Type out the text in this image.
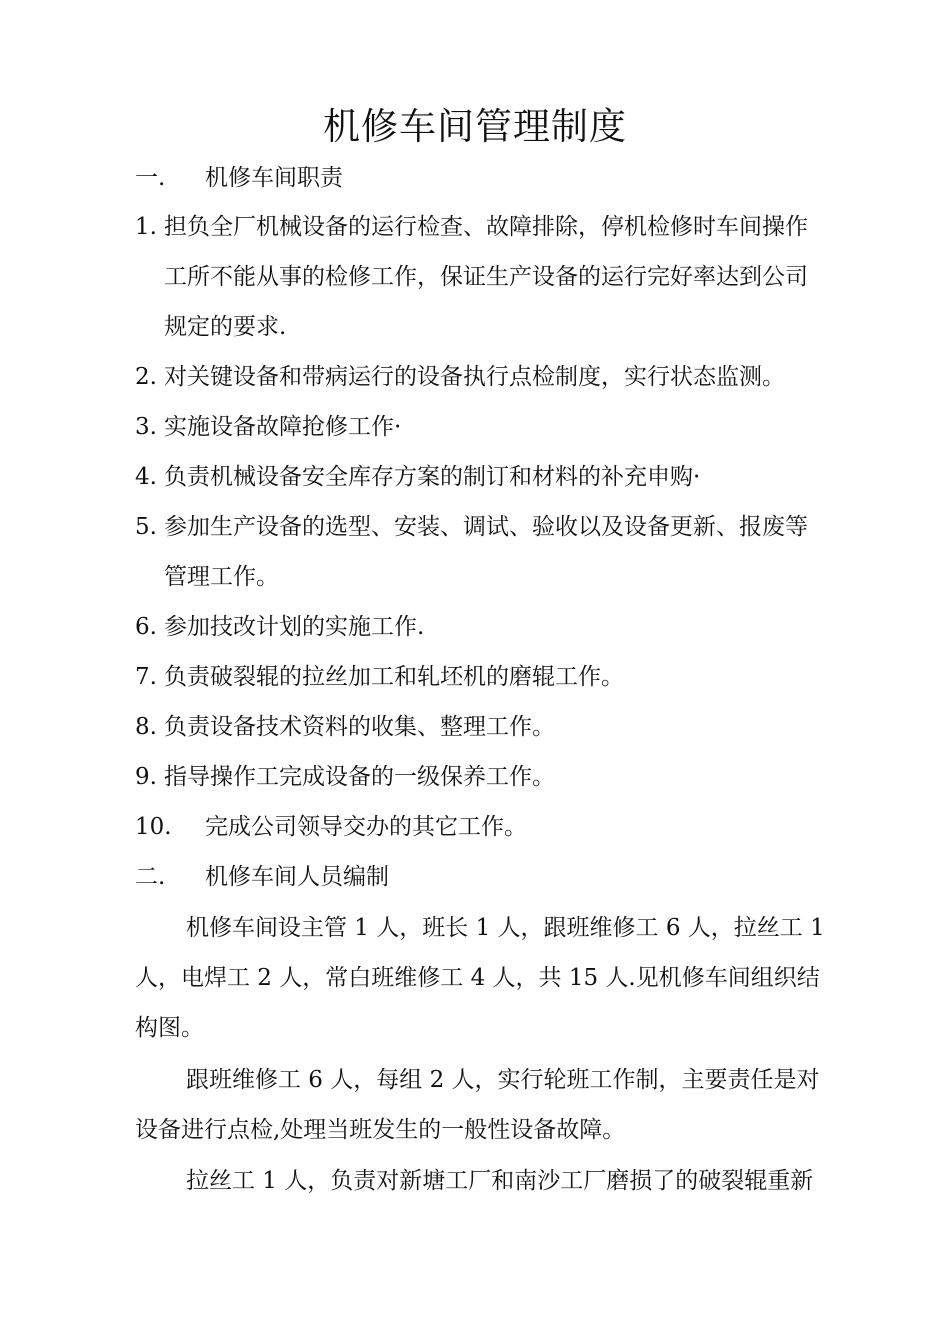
机修车间管理制度
一. 机修车间职责
1. 担负全厂机械设备的运行检查、故障排除，停机检修时车间操作
工所不能从事的检修工作，保证生产设备的运行完好率达到公司
规定的要求.
2. 对关键设备和带病运行的设备执行点检制度，实行状态监测。
3. 实施设备故障抢修工作·
4. 负责机械设备安全库存方案的制订和材料的补充申购·
5. 参加生产设备的选型、安装、调试、验收以及设备更新、报废等
管理工作。
6. 参加技改计划的实施工作.
7. 负责破裂辊的拉丝加工和轧坯机的磨辊工作。
8. 负责设备技术资料的收集、整理工作。
9. 指导操作工完成设备的一级保养工作。
10. 完成公司领导交办的其它工作。
二. 机修车间人员编制
机修车间设主管 1 人，班长 1 人，跟班维修工 6 人，拉丝工 1
人，电焊工 2 人，常白班维修工 4 人，共 15 人.见机修车间组织结
构图。
跟班维修工 6 人，每组 2 人，实行轮班工作制，主要责任是对
设备进行点检,处理当班发生的一般性设备故障。
拉丝工 1 人，负责对新塘工厂和南沙工厂磨损了的破裂辊重新
